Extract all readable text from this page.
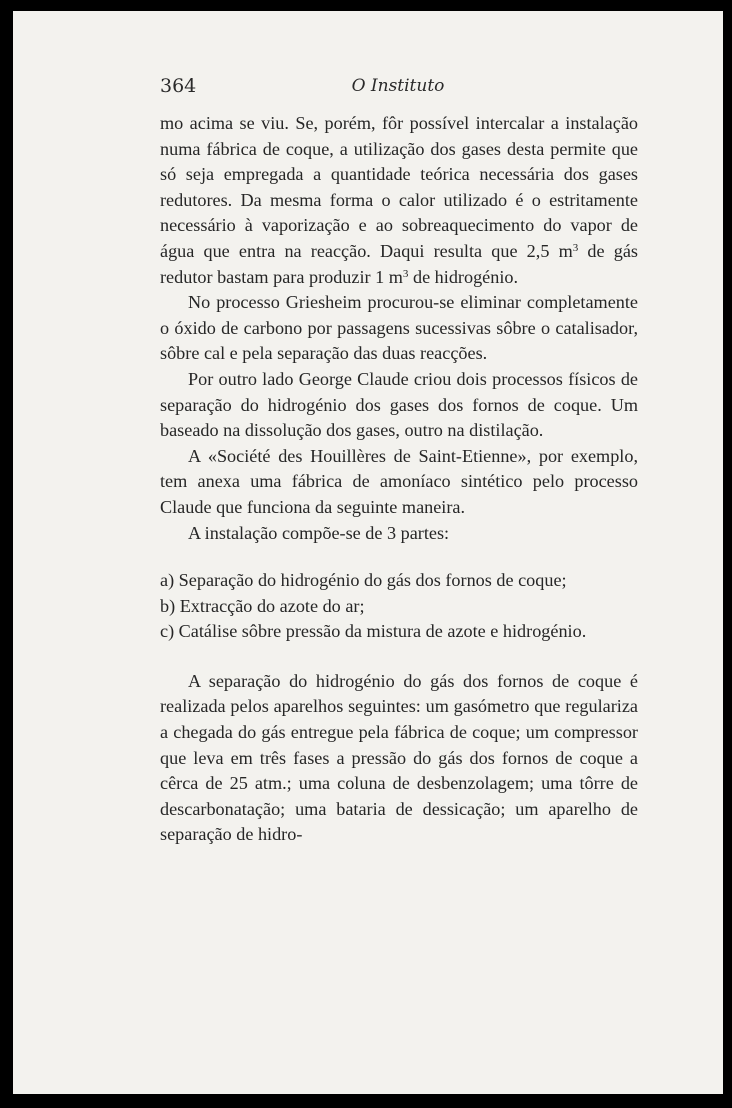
364	O Instituto

mo acima se viu. Se, porém, fôr possível intercalar a instalação numa fábrica de coque, a utilização dos gases desta permite que só seja empregada a quantidade teórica necessária dos gases redutores. Da mesma forma o calor utilizado é o estritamente necessário à vaporização e ao sobreaquecimento do vapor de água que entra na reacção. Daqui resulta que 2,5 $m^3$ de gás redutor bastam para produzir 1 $m^3$ de hidrogénio.

No processo Griesheim procurou-se eliminar completamente o óxido de carbono por passagens sucessivas sôbre o catalisador, sôbre cal e pela separação das duas reacções.

Por outro lado George Claude criou dois processos físicos de separação do hidrogénio dos gases dos fornos de coque. Um baseado na dissolução dos gases, outro na distilação.

A «Société des Houillères de Saint-Etienne», por exemplo, tem anexa uma fábrica de amoníaco sintético pelo processo Claude que funciona da seguinte maneira.

A instalação compõe-se de 3 partes:

a) Separação do hidrogénio do gás dos fornos de coque;
b) Extracção do azote do ar;
c) Catálise sôbre pressão da mistura de azote e hidrogénio.

A separação do hidrogénio do gás dos fornos de coque é realizada pelos aparelhos seguintes: um gasómetro que regulariza a chegada do gás entregue pela fábrica de coque; um compressor que leva em três fases a pressão do gás dos fornos de coque a cêrca de 25 atm.; uma coluna de desbenzolagem; uma tôrre de descarbonatação; uma bataria de dessicação; um aparelho de separação de hidro-
